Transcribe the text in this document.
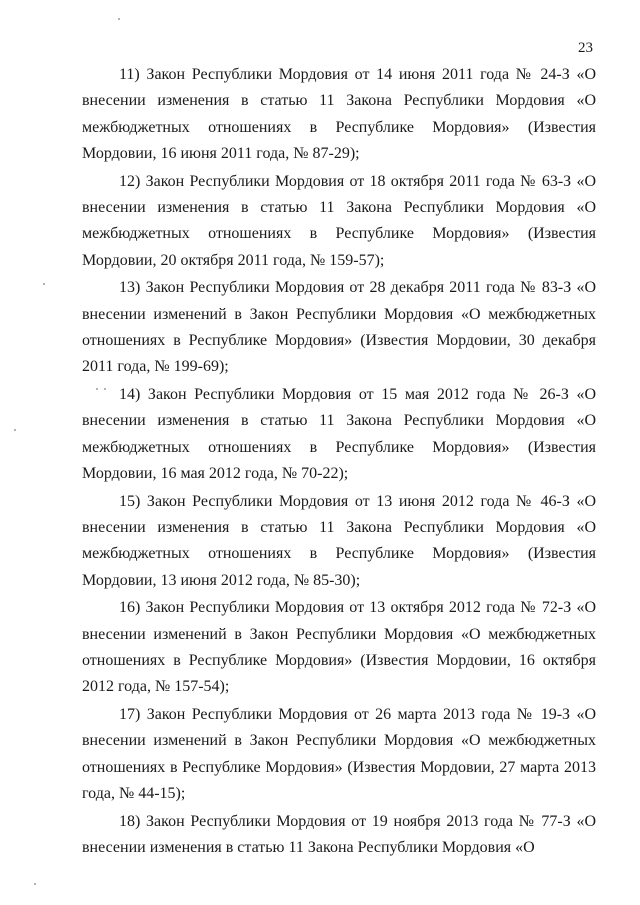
23

11) Закон Республики Мордовия от 14 июня 2011 года № 24-З «О внесении изменения в статью 11 Закона Республики Мордовия «О межбюджетных отношениях в Республике Мордовия» (Известия Мордовии, 16 июня 2011 года, № 87-29);

12) Закон Республики Мордовия от 18 октября 2011 года № 63-З «О внесении изменения в статью 11 Закона Республики Мордовия «О межбюджетных отношениях в Республике Мордовия» (Известия Мордовии, 20 октября 2011 года, № 159-57);

13) Закон Республики Мордовия от 28 декабря 2011 года № 83-З «О внесении изменений в Закон Республики Мордовия «О межбюджетных отношениях в Республике Мордовия» (Известия Мордовии, 30 декабря 2011 года, № 199-69);

14) Закон Республики Мордовия от 15 мая 2012 года № 26-З «О внесении изменения в статью 11 Закона Республики Мордовия «О межбюджетных отношениях в Республике Мордовия» (Известия Мордовии, 16 мая 2012 года, № 70-22);

15) Закон Республики Мордовия от 13 июня 2012 года № 46-З «О внесении изменения в статью 11 Закона Республики Мордовия «О межбюджетных отношениях в Республике Мордовия» (Известия Мордовии, 13 июня 2012 года, № 85-30);

16) Закон Республики Мордовия от 13 октября 2012 года № 72-З «О внесении изменений в Закон Республики Мордовия «О межбюджетных отношениях в Республике Мордовия» (Известия Мордовии, 16 октября 2012 года, № 157-54);

17) Закон Республики Мордовия от 26 марта 2013 года № 19-З «О внесении изменений в Закон Республики Мордовия «О межбюджетных отношениях в Республике Мордовия» (Известия Мордовии, 27 марта 2013 года, № 44-15);

18) Закон Республики Мордовия от 19 ноября 2013 года № 77-З «О внесении изменения в статью 11 Закона Республики Мордовия «О
